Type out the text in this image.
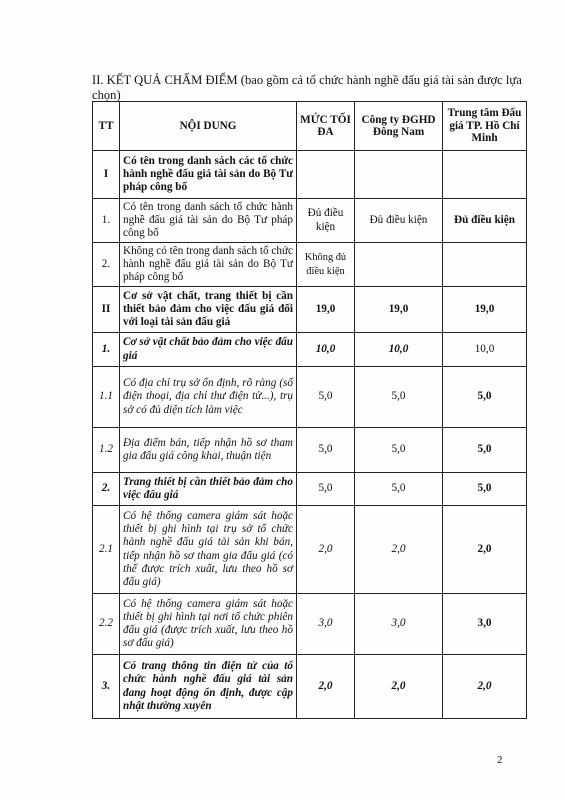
II. KẾT QUẢ CHẤM ĐIỂM (bao gồm cả tổ chức hành nghề đấu giá tài sản được lựa chọn)
TT	NỘI DUNG	MỨC TỐI ĐA	Công ty ĐGHD Đông Nam	Trung tâm Đấu giá TP. Hồ Chí Minh
I	Có tên trong danh sách các tổ chức hành nghề đấu giá tài sản do Bộ Tư pháp công bố			
1.	Có tên trong danh sách tổ chức hành nghề đấu giá tài sản do Bộ Tư pháp công bố	Đủ điều kiện	Đủ điều kiện	Đủ điều kiện
2.	Không có tên trong danh sách tổ chức hành nghề đấu giá tài sản do Bộ Tư pháp công bố	Không đủ điều kiện		
II	Cơ sở vật chất, trang thiết bị cần thiết bảo đảm cho việc đấu giá đối với loại tài sản đấu giá	19,0	19,0	19,0
1.	Cơ sở vật chất bảo đảm cho việc đấu giá	10,0	10,0	10,0
1.1	Có địa chỉ trụ sở ổn định, rõ ràng (số điện thoại, địa chỉ thư điện tử...), trụ sở có đủ diện tích làm việc	5,0	5,0	5,0
1.2	Địa điểm bán, tiếp nhận hồ sơ tham gia đấu giá công khai, thuận tiện	5,0	5,0	5,0
2.	Trang thiết bị cần thiết bảo đảm cho việc đấu giá	5,0	5,0	5,0
2.1	Có hệ thống camera giám sát hoặc thiết bị ghi hình tại trụ sở tổ chức hành nghề đấu giá tài sản khi bán, tiếp nhận hồ sơ tham gia đấu giá (có thể được trích xuất, lưu theo hồ sơ đấu giá)	2,0	2,0	2,0
2.2	Có hệ thống camera giám sát hoặc thiết bị ghi hình tại nơi tổ chức phiên đấu giá (được trích xuất, lưu theo hồ sơ đấu giá)	3,0	3,0	3,0
3.	Có trang thông tin điện tử của tổ chức hành nghề đấu giá tài sản đang hoạt động ổn định, được cập nhật thường xuyên	2,0	2,0	2,0
2
